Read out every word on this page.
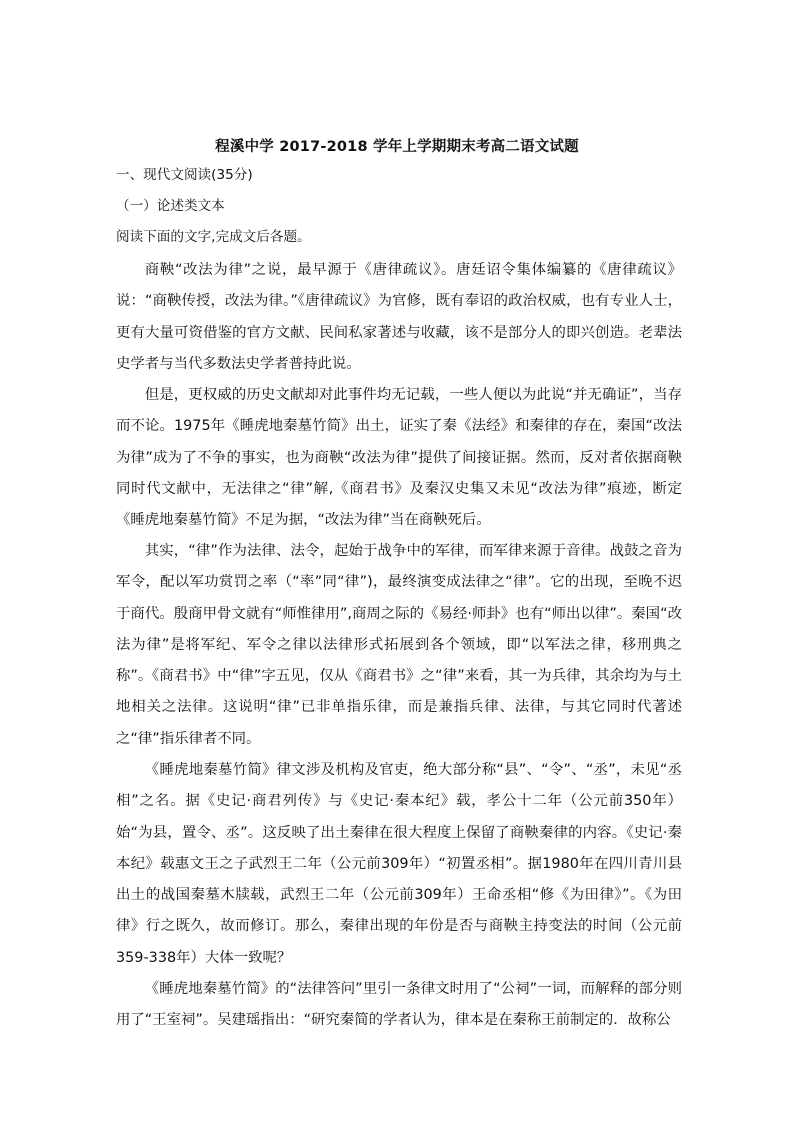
程溪中学 2017-2018 学年上学期期末考高二语文试题
一、现代文阅读(35分)
（一）论述类文本
阅读下面的文字,完成文后各题。
商鞅“改法为律”之说，最早源于《唐律疏议》。唐廷诏令集体编纂的《唐律疏议》说：“商鞅传授，改法为律。”《唐律疏议》为官修，既有奉诏的政治权威，也有专业人士，更有大量可资借鉴的官方文献、民间私家著述与收藏，该不是部分人的即兴创造。老辈法史学者与当代多数法史学者普持此说。
但是，更权威的历史文献却对此事件均无记载，一些人便以为此说“并无确证”，当存而不论。1975年《睡虎地秦墓竹简》出土，证实了秦《法经》和秦律的存在，秦国“改法为律”成为了不争的事实，也为商鞅“改法为律”提供了间接证据。然而，反对者依据商鞅同时代文献中，无法律之“律”解,《商君书》及秦汉史集又未见“改法为律”痕迹，断定《睡虎地秦墓竹简》不足为据，“改法为律”当在商鞅死后。
其实，“律”作为法律、法令，起始于战争中的军律，而军律来源于音律。战鼓之音为军令，配以军功赏罚之率（“率”同“律”)，最终演变成法律之“律”。它的出现，至晚不迟于商代。殷商甲骨文就有“师惟律用”,商周之际的《易经·师卦》也有“师出以律”。秦国“改法为律”是将军纪、军令之律以法律形式拓展到各个领域，即“以军法之律，移刑典之称”。
《商君书》中“律”字五见，仅从《商君书》之“律”来看，其一为兵律，其余均为与土地相关之法律。这说明“律”已非单指乐律，而是兼指兵律、法律，与其它同时代著述之“律”指乐律者不同。
《睡虎地秦墓竹简》律文涉及机构及官吏，绝大部分称“县”、“令”、“丞”，未见“丞相”之名。据《史记·商君列传》与《史记·秦本纪》载，孝公十二年（公元前350年）始“为县，置令、丞”。这反映了出土秦律在很大程度上保留了商鞅秦律的内容。《史记·秦本纪》载惠文王之子武烈王二年（公元前309年）“初置丞相”。据1980年在四川青川县出土的战国秦墓木牍载，武烈王二年（公元前309年）王命丞相“修《为田律》”。《为田律》行之既久，故而修订。那么，秦律出现的年份是否与商鞅主持变法的时间（公元前359-338年）大体一致呢？
《睡虎地秦墓竹简》的“法律答问”里引一条律文时用了“公祠”一词，而解释的部分则用了“王室祠”。吴建瑶指出：“研究秦简的学者认为，律本是在秦称王前制定的．故称公
